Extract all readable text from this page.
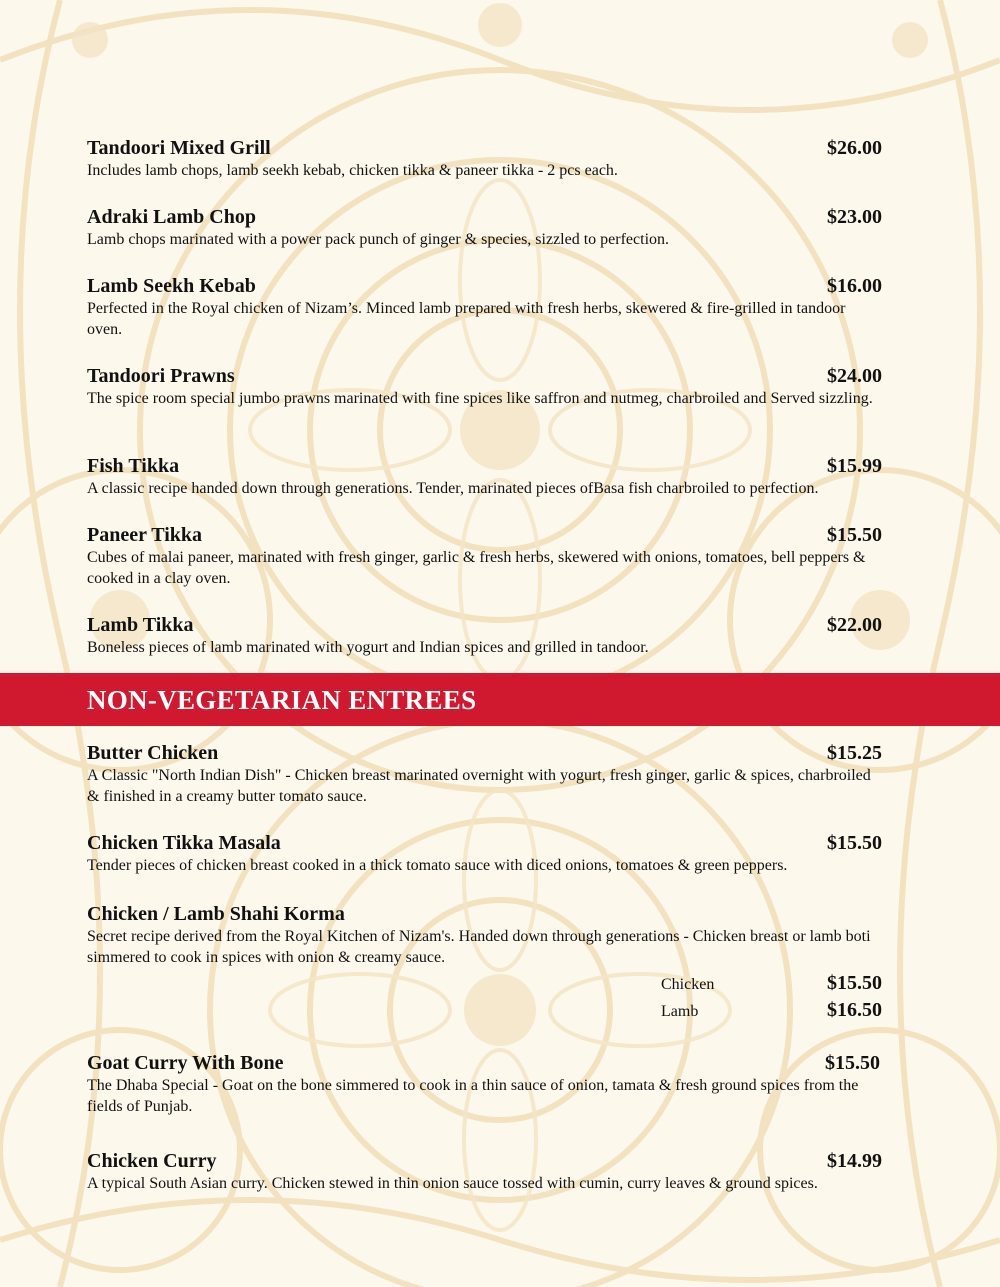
Tandoori Mixed Grill	$26.00
Includes lamb chops, lamb seekh kebab, chicken tikka & paneer tikka - 2 pcs each.
Adraki Lamb Chop	$23.00
Lamb chops marinated with a power pack punch of ginger & species, sizzled to perfection.
Lamb Seekh Kebab	$16.00
Perfected in the Royal chicken of Nizam’s. Minced lamb prepared with fresh herbs, skewered & fire-grilled in tandoor oven.
Tandoori Prawns	$24.00
The spice room special jumbo prawns marinated with fine spices like saffron and nutmeg, charbroiled and Served sizzling.
Fish Tikka	$15.99
A classic recipe handed down through generations. Tender, marinated pieces ofBasa fish charbroiled to perfection.
Paneer Tikka	$15.50
Cubes of malai paneer, marinated with fresh ginger, garlic & fresh herbs, skewered with onions, tomatoes, bell peppers & cooked in a clay oven.
Lamb Tikka	$22.00
Boneless pieces of lamb marinated with yogurt and Indian spices and grilled in tandoor.
NON-VEGETARIAN ENTREES
Butter Chicken	$15.25
A Classic "North Indian Dish" - Chicken breast marinated overnight with yogurt, fresh ginger, garlic & spices, charbroiled & finished in a creamy butter tomato sauce.
Chicken Tikka Masala	$15.50
Tender pieces of chicken breast cooked in a thick tomato sauce with diced onions, tomatoes & green peppers.
Chicken / Lamb Shahi Korma
Secret recipe derived from the Royal Kitchen of Nizam's. Handed down through generations - Chicken breast or lamb boti simmered to cook in spices with onion & creamy sauce.
Chicken	$15.50
Lamb	$16.50
Goat Curry With Bone	$15.50
The Dhaba Special - Goat on the bone simmered to cook in a thin sauce of onion, tamata & fresh ground spices from the fields of Punjab.
Chicken Curry	$14.99
A typical South Asian curry. Chicken stewed in thin onion sauce tossed with cumin, curry leaves & ground spices.
